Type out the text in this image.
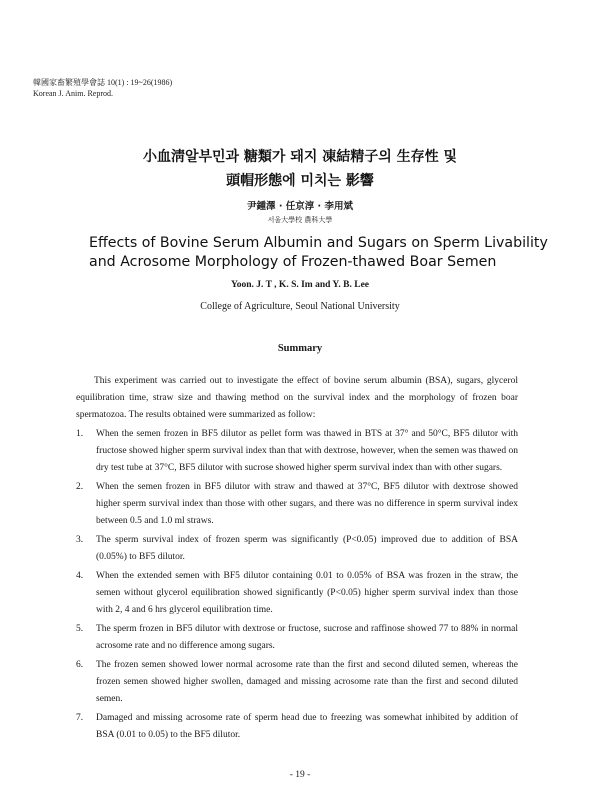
韓國家畜繁殖學會誌 10(1) : 19~26(1986)
Korean J. Anim. Reprod.
小血淸알부민과 糖類가 돼지 凍結精子의 生存性 및
頭帽形態에 미치는 影響
尹鍾澤 · 任京淳 · 李用斌
서울大學校 農科大學
Effects of Bovine Serum Albumin and Sugars on Sperm Livability
and Acrosome Morphology of Frozen-thawed Boar Semen
Yoon. J. T , K. S. Im and Y. B. Lee
College of Agriculture, Seoul National University
Summary

This experiment was carried out to investigate the effect of bovine serum albumin (BSA), sugars, glycerol equilibration time, straw size and thawing method on the survival index and the morphology of frozen boar spermatozoa. The results obtained were summarized as follow:

1. When the semen frozen in BF5 dilutor as pellet form was thawed in BTS at 37° and 50°C, BF5 dilutor with fructose showed higher sperm survival index than that with dextrose, however, when the semen was thawed on dry test tube at 37°C, BF5 dilutor with sucrose showed higher sperm survival index than with other sugars.
2. When the semen frozen in BF5 dilutor with straw and thawed at 37°C, BF5 dilutor with dextrose showed higher sperm survival index than those with other sugars, and there was no difference in sperm survival index between 0.5 and 1.0 ml straws.
3. The sperm survival index of frozen sperm was significantly (P<0.05) improved due to addition of BSA (0.05%) to BF5 dilutor.
4. When the extended semen with BF5 dilutor containing 0.01 to 0.05% of BSA was frozen in the straw, the semen without glycerol equilibration showed significantly (P<0.05) higher sperm survival index than those with 2, 4 and 6 hrs glycerol equilibration time.
5. The sperm frozen in BF5 dilutor with dextrose or fructose, sucrose and raffinose showed 77 to 88% in normal acrosome rate and no difference among sugars.
6. The frozen semen showed lower normal acrosome rate than the first and second diluted semen, whereas the frozen semen showed higher swollen, damaged and missing acrosome rate than the first and second diluted semen.
7. Damaged and missing acrosome rate of sperm head due to freezing was somewhat inhibited by addition of BSA (0.01 to 0.05) to the BF5 dilutor.
- 19 -
